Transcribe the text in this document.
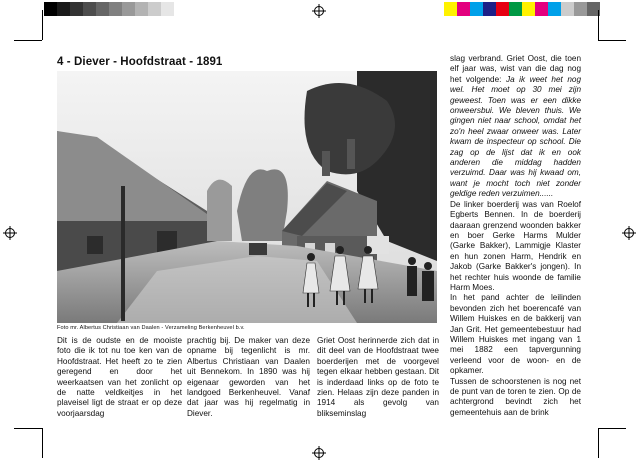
4 - Diever - Hoofdstraat - 1891
Foto mr. Albertus Christiaan van Daalen - Verzameling Berkenheuvel b.v.

Dit is de oudste en de mooiste foto die ik tot nu toe ken van de Hoofdstraat. Het heeft zo te zien geregend en door het weerkaatsen van het zonlicht op de natte veldkeitjes in het plaveisel ligt de straat er op deze voorjaarsdag

prachtig bij. De maker van deze opname bij tegenlicht is mr. Albertus Christiaan van Daalen uit Bennekom. In 1890 was hij eigenaar geworden van het landgoed Berkenheuvel. Vanaf dat jaar was hij regelmatig in Diever.

Griet Oost herinnerde zich dat in dit deel van de Hoofdstraat twee boerderijen met de voorgevel tegen elkaar hebben gestaan. Dit is inderdaad links op de foto te zien. Helaas zijn deze panden in 1914 als gevolg van blikseminslag

slag verbrand. Griet Oost, die toen elf jaar was, wist van die dag nog het volgende: Ja ik weet het nog wel. Het moet op 30 mei zijn geweest. Toen was er een dikke onweersbui. We bleven thuis. We gingen niet naar school, omdat het zo'n heel zwaar onweer was. Later kwam de inspecteur op school. Die zag op de lijst dat ik en ook anderen die middag hadden verzuimd. Daar was hij kwaad om, want je mocht toch niet zonder geldige reden verzuimen......

De linker boerderij was van Roelof Egberts Bennen. In de boerderij daaraan grenzend woonden bakker en boer Gerke Harms Mulder (Garke Bakker), Lammigje Klaster en hun zonen Harm, Hendrik en Jakob (Garke Bakker's jongen). In het rechter huis woonde de familie Harm Moes.

In het pand achter de leilinden bevonden zich het boerencafé van Willem Huiskes en de bakkerij van Jan Grit. Het gemeentebestuur had Willem Huiskes met ingang van 1 mei 1882 een tapvergunning verleend voor de woon- en de opkamer.

Tussen de schoorstenen is nog net de punt van de toren te zien. Op de achtergrond bevindt zich het gemeentehuis aan de brink
